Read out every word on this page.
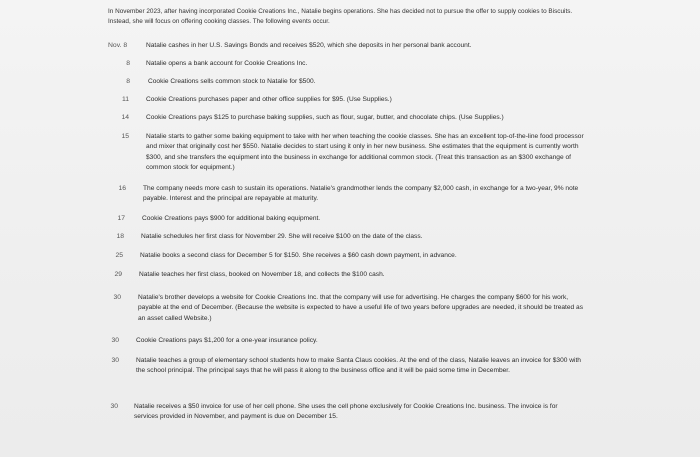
In November 2023, after having incorporated Cookie Creations Inc., Natalie begins operations. She has decided not to pursue the offer to supply cookies to Biscuits. Instead, she will focus on offering cooking classes. The following events occur.
Nov. 8	Natalie cashes in her U.S. Savings Bonds and receives $520, which she deposits in her personal bank account.
8 Natalie opens a bank account for Cookie Creations Inc.
8	Cookie Creations sells common stock to Natalie for $500.
11	Cookie Creations purchases paper and other office supplies for $95. (Use Supplies.)
14	Cookie Creations pays $125 to purchase baking supplies, such as flour, sugar, butter, and chocolate chips. (Use Supplies.)
15	Natalie starts to gather some baking equipment to take with her when teaching the cookie classes. She has an excellent top-of-the-line food processor and mixer that originally cost her $550. Natalie decides to start using it only in her new business. She estimates that the equipment is currently worth $300, and she transfers the equipment into the business in exchange for additional common stock. (Treat this transaction as an $300 exchange of common stock for equipment.)
16	The company needs more cash to sustain its operations. Natalie's grandmother lends the company $2,000 cash, in exchange for a two-year, 9% note payable. Interest and the principal are repayable at maturity.
17	Cookie Creations pays $900 for additional baking equipment.
18	Natalie schedules her first class for November 29. She will receive $100 on the date of the class.
25	Natalie books a second class for December 5 for $150. She receives a $60 cash down payment, in advance.
29	Natalie teaches her first class, booked on November 18, and collects the $100 cash.
30	Natalie's brother develops a website for Cookie Creations Inc. that the company will use for advertising. He charges the company $600 for his work, payable at the end of December. (Because the website is expected to have a useful life of two years before upgrades are needed, it should be treated as an asset called Website.)
30	Cookie Creations pays $1,200 for a one-year insurance policy.
30	Natalie teaches a group of elementary school students how to make Santa Claus cookies. At the end of the class, Natalie leaves an invoice for $300 with the school principal. The principal says that he will pass it along to the business office and it will be paid some time in December.
30 Natalie receives a $50 invoice for use of her cell phone. She uses the cell phone exclusively for Cookie Creations Inc. business. The invoice is for services provided in November, and payment is due on December 15.
